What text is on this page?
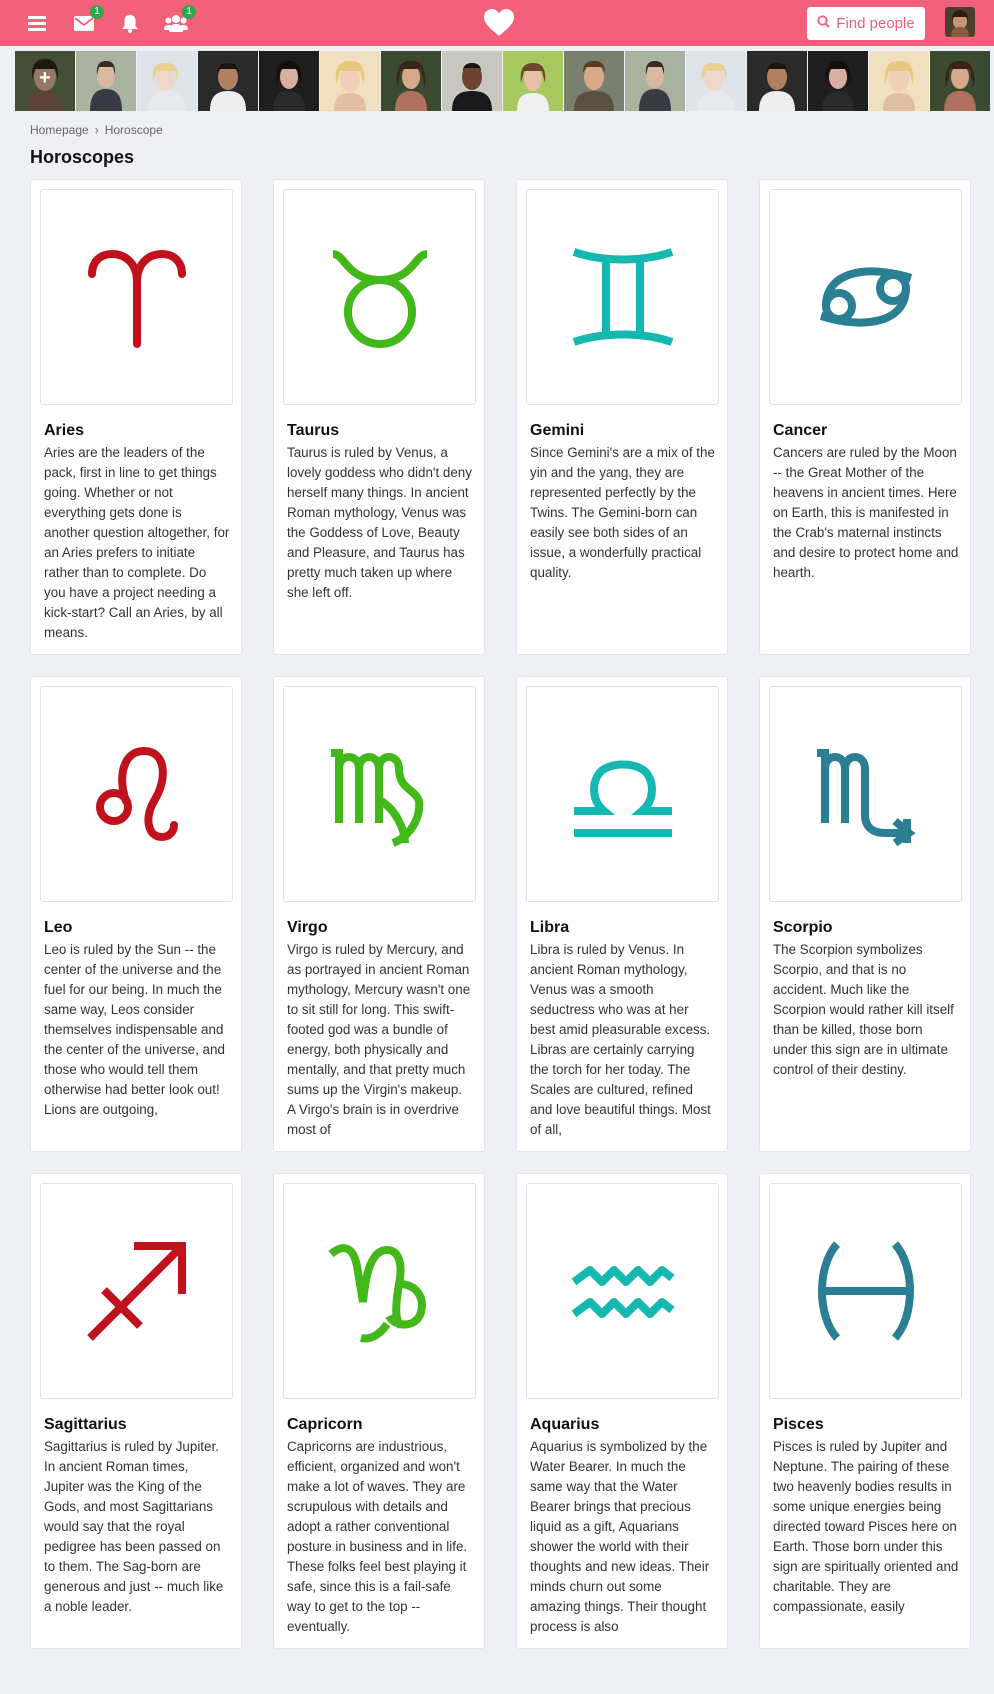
1	1
Find people
+
Homepage › Horoscope
Horoscopes
Aries
Aries are the leaders of the pack, first in line to get things going. Whether or not everything gets done is another question altogether, for an Aries prefers to initiate rather than to complete. Do you have a project needing a kick-start? Call an Aries, by all means.
Taurus
Taurus is ruled by Venus, a lovely goddess who didn't deny herself many things. In ancient Roman mythology, Venus was the Goddess of Love, Beauty and Pleasure, and Taurus has pretty much taken up where she left off.
Gemini
Since Gemini's are a mix of the yin and the yang, they are represented perfectly by the Twins. The Gemini-born can easily see both sides of an issue, a wonderfully practical quality.
Cancer
Cancers are ruled by the Moon -- the Great Mother of the heavens in ancient times. Here on Earth, this is manifested in the Crab's maternal instincts and desire to protect home and hearth.
Leo
Leo is ruled by the Sun -- the center of the universe and the fuel for our being. In much the same way, Leos consider themselves indispensable and the center of the universe, and those who would tell them otherwise had better look out! Lions are outgoing,
Virgo
Virgo is ruled by Mercury, and as portrayed in ancient Roman mythology, Mercury wasn't one to sit still for long. This swift-footed god was a bundle of energy, both physically and mentally, and that pretty much sums up the Virgin's makeup. A Virgo's brain is in overdrive most of
Libra
Libra is ruled by Venus. In ancient Roman mythology, Venus was a smooth seductress who was at her best amid pleasurable excess. Libras are certainly carrying the torch for her today. The Scales are cultured, refined and love beautiful things. Most of all,
Scorpio
The Scorpion symbolizes Scorpio, and that is no accident. Much like the Scorpion would rather kill itself than be killed, those born under this sign are in ultimate control of their destiny.
Sagittarius
Sagittarius is ruled by Jupiter. In ancient Roman times, Jupiter was the King of the Gods, and most Sagittarians would say that the royal pedigree has been passed on to them. The Sag-born are generous and just -- much like a noble leader.
Capricorn
Capricorns are industrious, efficient, organized and won't make a lot of waves. They are scrupulous with details and adopt a rather conventional posture in business and in life. These folks feel best playing it safe, since this is a fail-safe way to get to the top -- eventually.
Aquarius
Aquarius is symbolized by the Water Bearer. In much the same way that the Water Bearer brings that precious liquid as a gift, Aquarians shower the world with their thoughts and new ideas. Their minds churn out some amazing things. Their thought process is also
Pisces
Pisces is ruled by Jupiter and Neptune. The pairing of these two heavenly bodies results in some unique energies being directed toward Pisces here on Earth. Those born under this sign are spiritually oriented and charitable. They are compassionate, easily
